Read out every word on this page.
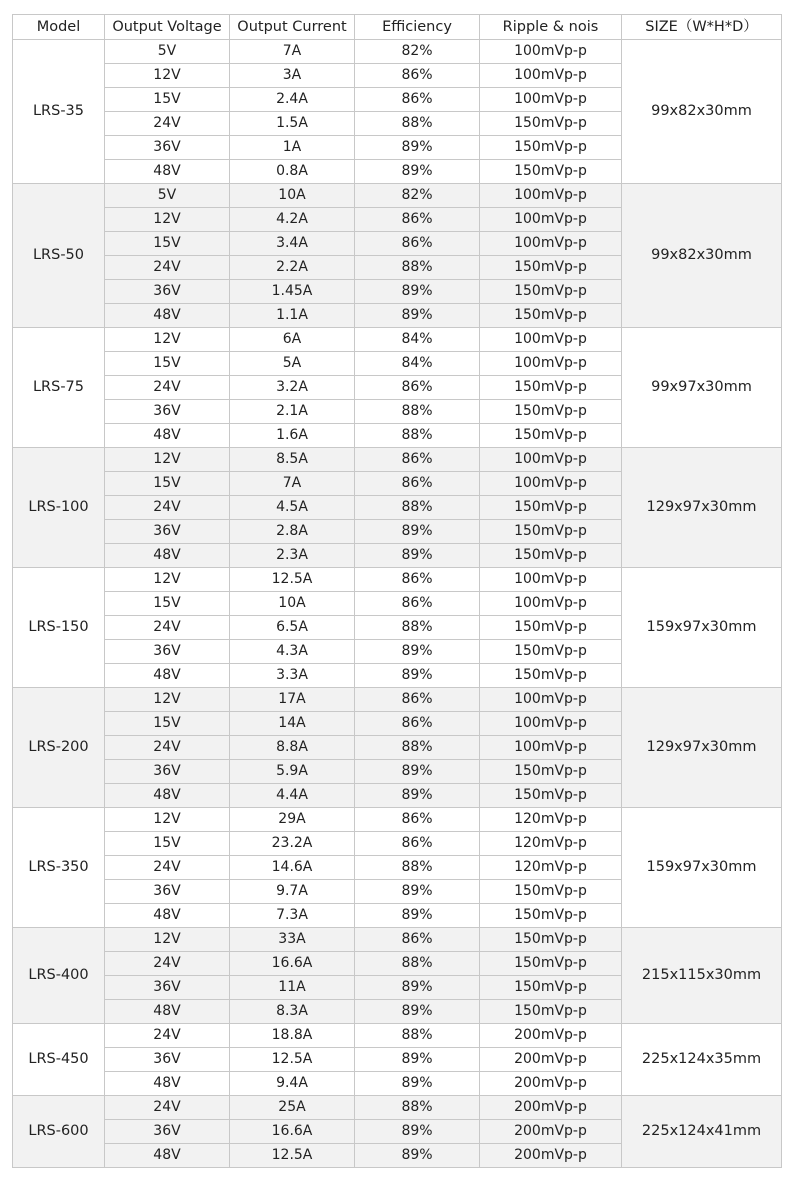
Model	Output Voltage	Output Current	Efficiency	Ripple & nois	SIZE（W*H*D）
LRS-35	5V	7A	82%	100mVp-p	99x82x30mm
	12V	3A	86%	100mVp-p	
	15V	2.4A	86%	100mVp-p	
	24V	1.5A	88%	150mVp-p	
	36V	1A	89%	150mVp-p	
	48V	0.8A	89%	150mVp-p	
LRS-50	5V	10A	82%	100mVp-p	99x82x30mm
	12V	4.2A	86%	100mVp-p	
	15V	3.4A	86%	100mVp-p	
	24V	2.2A	88%	150mVp-p	
	36V	1.45A	89%	150mVp-p	
	48V	1.1A	89%	150mVp-p	
LRS-75	12V	6A	84%	100mVp-p	99x97x30mm
	15V	5A	84%	100mVp-p	
	24V	3.2A	86%	150mVp-p	
	36V	2.1A	88%	150mVp-p	
	48V	1.6A	88%	150mVp-p	
LRS-100	12V	8.5A	86%	100mVp-p	129x97x30mm
	15V	7A	86%	100mVp-p	
	24V	4.5A	88%	150mVp-p	
	36V	2.8A	89%	150mVp-p	
	48V	2.3A	89%	150mVp-p	
LRS-150	12V	12.5A	86%	100mVp-p	159x97x30mm
	15V	10A	86%	100mVp-p	
	24V	6.5A	88%	150mVp-p	
	36V	4.3A	89%	150mVp-p	
	48V	3.3A	89%	150mVp-p	
LRS-200	12V	17A	86%	100mVp-p	129x97x30mm
	15V	14A	86%	100mVp-p	
	24V	8.8A	88%	100mVp-p	
	36V	5.9A	89%	150mVp-p	
	48V	4.4A	89%	150mVp-p	
LRS-350	12V	29A	86%	120mVp-p	159x97x30mm
	15V	23.2A	86%	120mVp-p	
	24V	14.6A	88%	120mVp-p	
	36V	9.7A	89%	150mVp-p	
	48V	7.3A	89%	150mVp-p	
LRS-400	12V	33A	86%	150mVp-p	215x115x30mm
	24V	16.6A	88%	150mVp-p	
	36V	11A	89%	150mVp-p	
	48V	8.3A	89%	150mVp-p	
LRS-450	24V	18.8A	88%	200mVp-p	225x124x35mm
	36V	12.5A	89%	200mVp-p	
	48V	9.4A	89%	200mVp-p	
LRS-600	24V	25A	88%	200mVp-p	225x124x41mm
	36V	16.6A	89%	200mVp-p	
	48V	12.5A	89%	200mVp-p	
